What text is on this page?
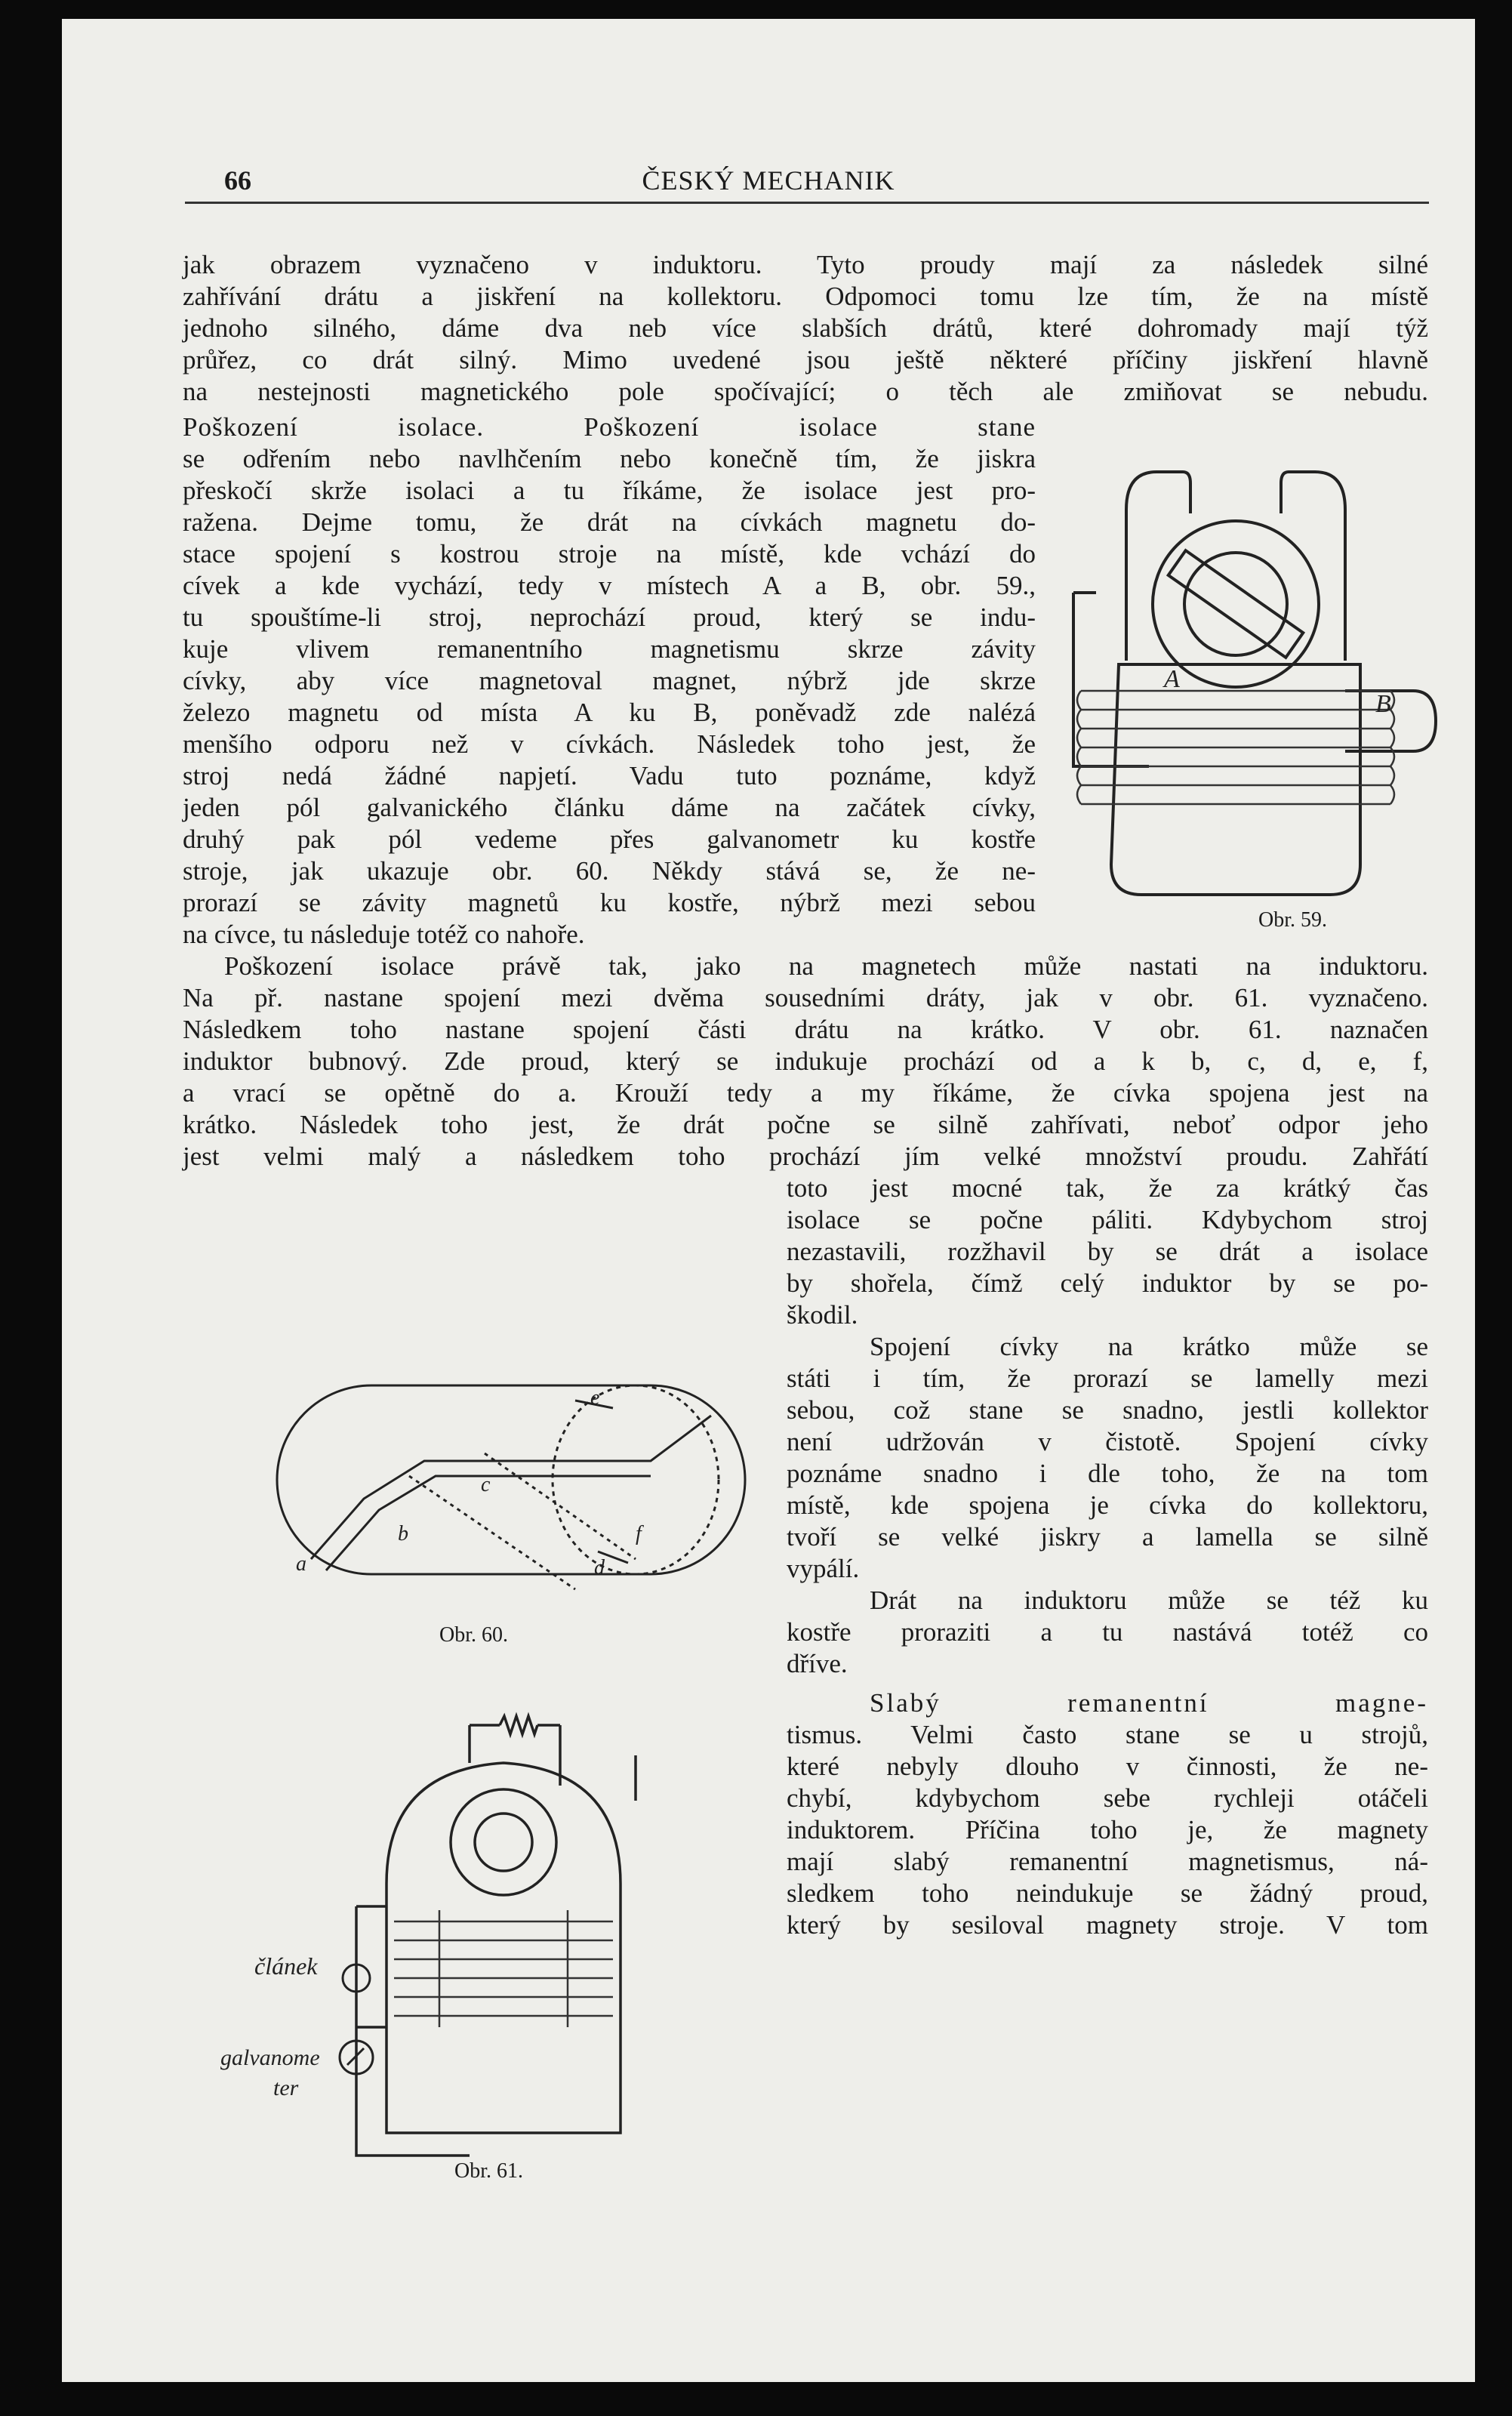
66	ČESKÝ MECHANIK
jak obrazem vyznačeno v induktoru. Tyto proudy mají za následek silné
zahřívání drátu a jiskření na kollektoru. Odpomoci tomu lze tím, že na místě
jednoho silného, dáme dva neb více slabších drátů, které dohromady mají týž
průřez, co drát silný. Mimo uvedené jsou ještě některé příčiny jiskření hlavně
na nestejnosti magnetického pole spočívající; o těch ale zmiňovat se nebudu.
Poškození isolace. Poškození isolace stane
se odřením nebo navlhčením nebo konečně tím, že jiskra
přeskočí skrže isolaci a tu říkáme, že isolace jest pro-
ražena. Dejme tomu, že drát na cívkách magnetu do-
stace spojení s kostrou stroje na místě, kde vchází do
cívek a kde vychází, tedy v místech A a B, obr. 59.,
tu spouštíme-li stroj, neprochází proud, který se indu-
kuje vlivem remanentního magnetismu skrze závity
cívky, aby více magnetoval magnet, nýbrž jde skrze
železo magnetu od místa A ku B, poněvadž zde nalézá
menšího odporu než v cívkách. Následek toho jest, že
stroj nedá žádné napjetí. Vadu tuto poznáme, když
jeden pól galvanického článku dáme na začátek cívky,
druhý pak pól vedeme přes galvanometr ku kostře
stroje, jak ukazuje obr. 60. Někdy stává se, že ne-
prorazí se závity magnetů ku kostře, nýbrž mezi sebou
na cívce, tu následuje totéž co nahoře.
A
B
Obr. 59.
Poškození isolace právě tak, jako na magnetech může nastati na induktoru.
Na př. nastane spojení mezi dvěma sousedními dráty, jak v obr. 61. vyznačeno.
Následkem toho nastane spojení části drátu na krátko. V obr. 61. naznačen
induktor bubnový. Zde proud, který se indukuje prochází od a k b, c, d, e, f,
a vrací se opětně do a. Krouží tedy a my říkáme, že cívka spojena jest na
krátko. Následek toho jest, že drát počne se silně zahřívati, neboť odpor jeho
jest velmi malý a následkem toho prochází jím velké množství proudu. Zahřátí
toto jest mocné tak, že za krátký čas
isolace se počne páliti. Kdybychom stroj
nezastavili, rozžhavil by se drát a isolace
by shořela, čímž celý induktor by se po-
škodil.
Spojení cívky na krátko může se
státi i tím, že prorazí se lamelly mezi
sebou, což stane se snadno, jestli kollektor
není udržován v čistotě. Spojení cívky
poznáme snadno i dle toho, že na tom
místě, kde spojena je cívka do kollektoru,
tvoří se velké jiskry a lamella se silně
vypálí.
Drát na induktoru může se též ku
kostře proraziti a tu nastává totéž co
dříve.
Slabý remanentní magne-
tismus. Velmi často stane se u strojů,
které nebyly dlouho v činnosti, že ne-
chybí, kdybychom sebe rychleji otáčeli
induktorem. Příčina toho je, že magnety
mají slabý remanentní magnetismus, ná-
sledkem toho neindukuje se žádný proud,
který by sesiloval magnety stroje. V tom
e
c
f
b
d
a
Obr. 60.
článek
galvanome
ter
Obr. 61.
